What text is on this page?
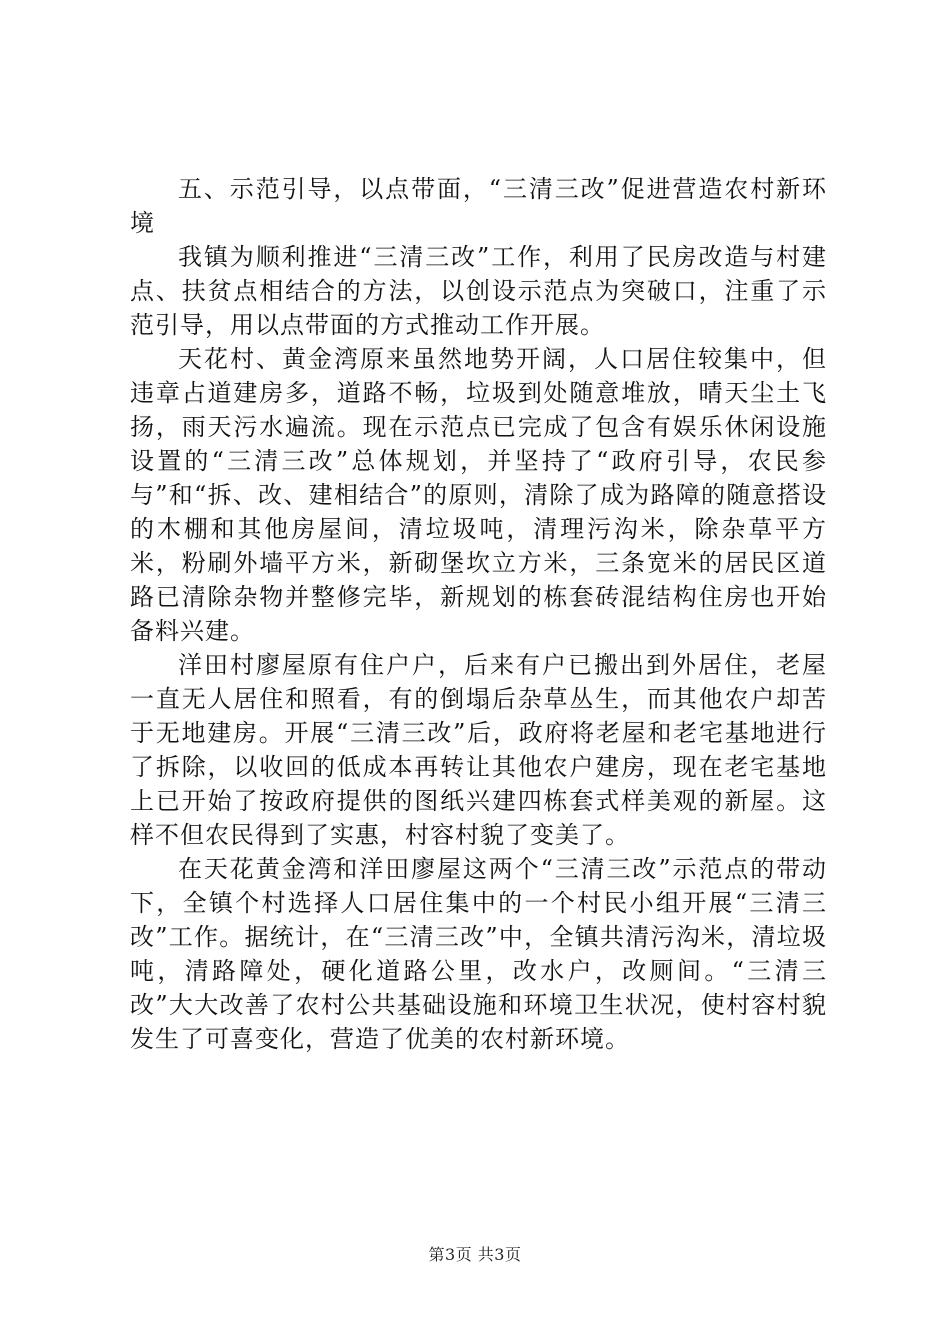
五、示范引导，以点带面，“三清三改”促进营造农村新环境

我镇为顺利推进“三清三改”工作，利用了民房改造与村建点、扶贫点相结合的方法，以创设示范点为突破口，注重了示范引导，用以点带面的方式推动工作开展。

天花村、黄金湾原来虽然地势开阔，人口居住较集中，但违章占道建房多，道路不畅，垃圾到处随意堆放，晴天尘土飞扬，雨天污水遍流。现在示范点已完成了包含有娱乐休闲设施设置的“三清三改”总体规划，并坚持了“政府引导，农民参与”和“拆、改、建相结合”的原则，清除了成为路障的随意搭设的木棚和其他房屋间，清垃圾吨，清理污沟米，除杂草平方米，粉刷外墙平方米，新砌堡坎立方米，三条宽米的居民区道路已清除杂物并整修完毕，新规划的栋套砖混结构住房也开始备料兴建。

洋田村廖屋原有住户户，后来有户已搬出到外居住，老屋一直无人居住和照看，有的倒塌后杂草丛生，而其他农户却苦于无地建房。开展“三清三改”后，政府将老屋和老宅基地进行了拆除，以收回的低成本再转让其他农户建房，现在老宅基地上已开始了按政府提供的图纸兴建四栋套式样美观的新屋。这样不但农民得到了实惠，村容村貌了变美了。

在天花黄金湾和洋田廖屋这两个“三清三改”示范点的带动下，全镇个村选择人口居住集中的一个村民小组开展“三清三改”工作。据统计，在“三清三改”中，全镇共清污沟米，清垃圾吨，清路障处，硬化道路公里，改水户，改厕间。“三清三改”大大改善了农村公共基础设施和环境卫生状况，使村容村貌发生了可喜变化，营造了优美的农村新环境。

第3页 共3页
